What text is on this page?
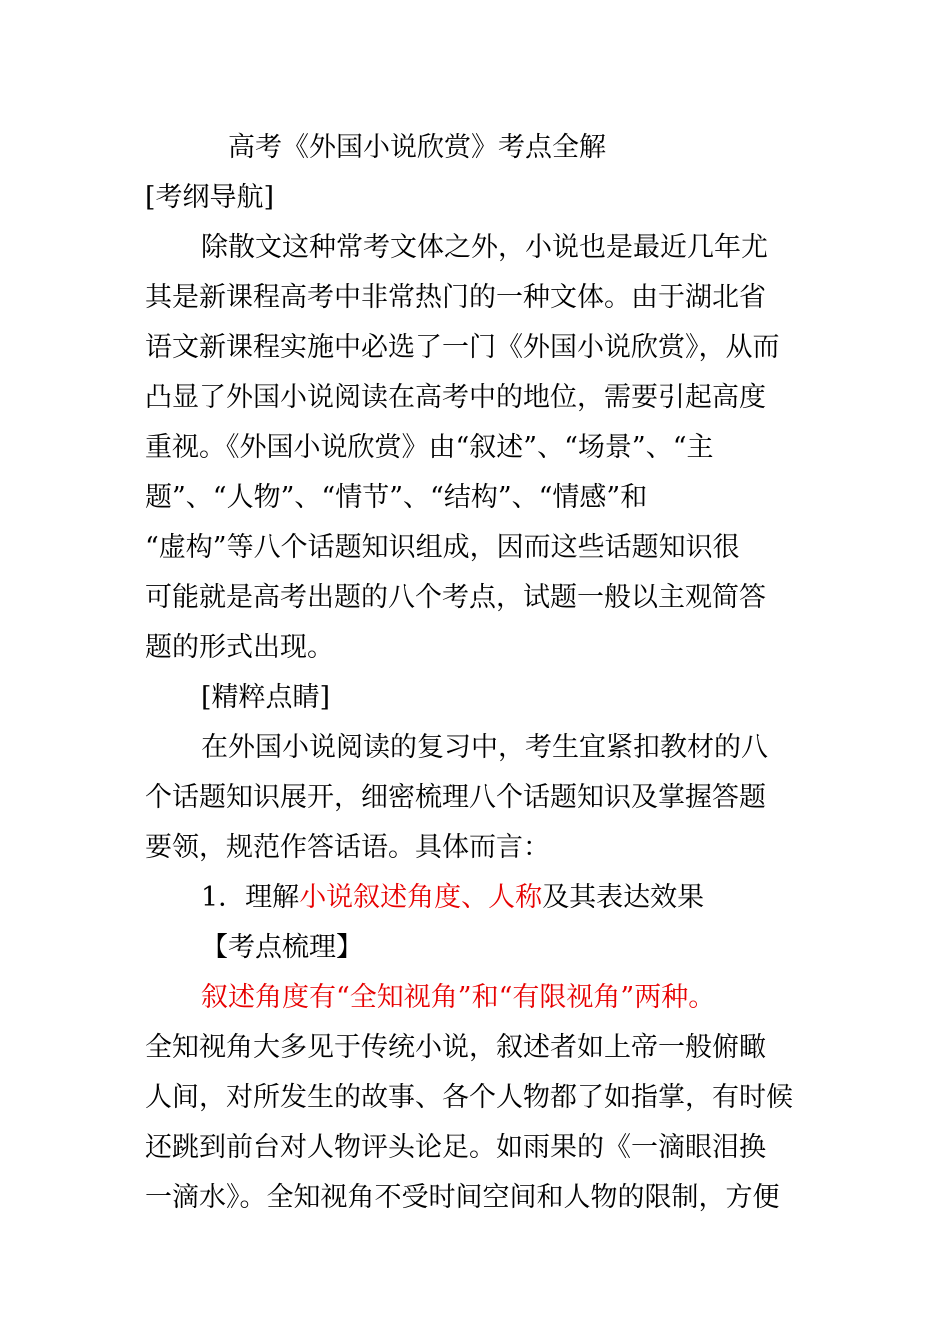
高考《外国小说欣赏》考点全解
[考纲导航]
除散文这种常考文体之外，小说也是最近几年尤
其是新课程高考中非常热门的一种文体。由于湖北省
语文新课程实施中必选了一门《外国小说欣赏》，从而
凸显了外国小说阅读在高考中的地位，需要引起高度
重视。《外国小说欣赏》由“叙述”、“场景”、“主
题”、“人物”、“情节”、“结构”、“情感”和
“虚构”等八个话题知识组成，因而这些话题知识很
可能就是高考出题的八个考点，试题一般以主观简答
题的形式出现。
[精粹点睛]
在外国小说阅读的复习中，考生宜紧扣教材的八
个话题知识展开，细密梳理八个话题知识及掌握答题
要领，规范作答话语。具体而言：
1．理解小说叙述角度、人称及其表达效果
【考点梳理】
叙述角度有“全知视角”和“有限视角”两种。
全知视角大多见于传统小说，叙述者如上帝一般俯瞰
人间，对所发生的故事、各个人物都了如指掌，有时候
还跳到前台对人物评头论足。如雨果的《一滴眼泪换
一滴水》。全知视角不受时间空间和人物的限制，方便
